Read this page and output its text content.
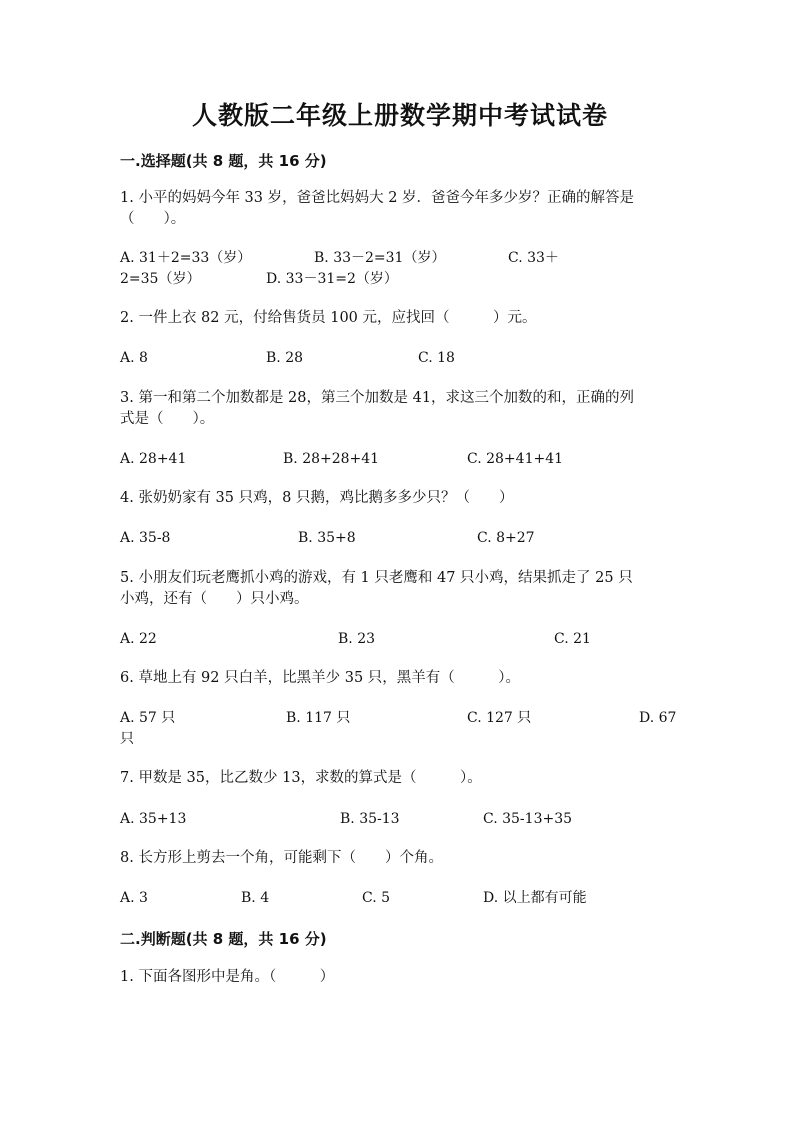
人教版二年级上册数学期中考试试卷
一.选择题(共 8 题，共 16 分)
1. 小平的妈妈今年 33 岁，爸爸比妈妈大 2 岁．爸爸今年多少岁？正确的解答是
（　　）。
A. 31＋2=33（岁）	B. 33－2=31（岁）	C. 33＋
2=35（岁）	D. 33－31=2（岁）
2. 一件上衣 82 元，付给售货员 100 元，应找回（　　　）元。
A. 8	B. 28	C. 18
3. 第一和第二个加数都是 28，第三个加数是 41，求这三个加数的和，正确的列
式是（　　）。
A. 28+41	B. 28+28+41	C. 28+41+41
4. 张奶奶家有 35 只鸡，8 只鹅，鸡比鹅多多少只？（　　）
A. 35-8	B. 35+8	C. 8+27
5. 小朋友们玩老鹰抓小鸡的游戏，有 1 只老鹰和 47 只小鸡，结果抓走了 25 只
小鸡，还有（　　）只小鸡。
A. 22	B. 23	C. 21
6. 草地上有 92 只白羊，比黑羊少 35 只，黑羊有（　　　）。
A. 57 只	B. 117 只	C. 127 只	D. 67
只
7. 甲数是 35，比乙数少 13，求数的算式是（　　　）。
A. 35+13	B. 35-13	C. 35-13+35
8. 长方形上剪去一个角，可能剩下（　　）个角。
A. 3	B. 4	C. 5	D. 以上都有可能
二.判断题(共 8 题，共 16 分)
1. 下面各图形中是角。（　　　）
